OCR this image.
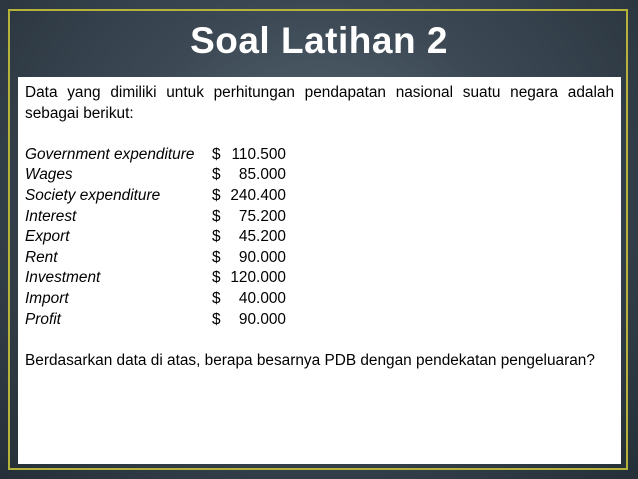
Soal Latihan 2

Data yang dimiliki untuk perhitungan pendapatan nasional suatu negara adalah sebagai berikut:

Government expenditure	$ 110.500
Wages	$	85.000
Society expenditure	$ 240.400
Interest	$	75.200
Export	$	45.200
Rent	$	90.000
Investment	$ 120.000
Import	$	40.000
Profit	$	90.000

Berdasarkan data di atas, berapa besarnya PDB dengan pendekatan pengeluaran?
